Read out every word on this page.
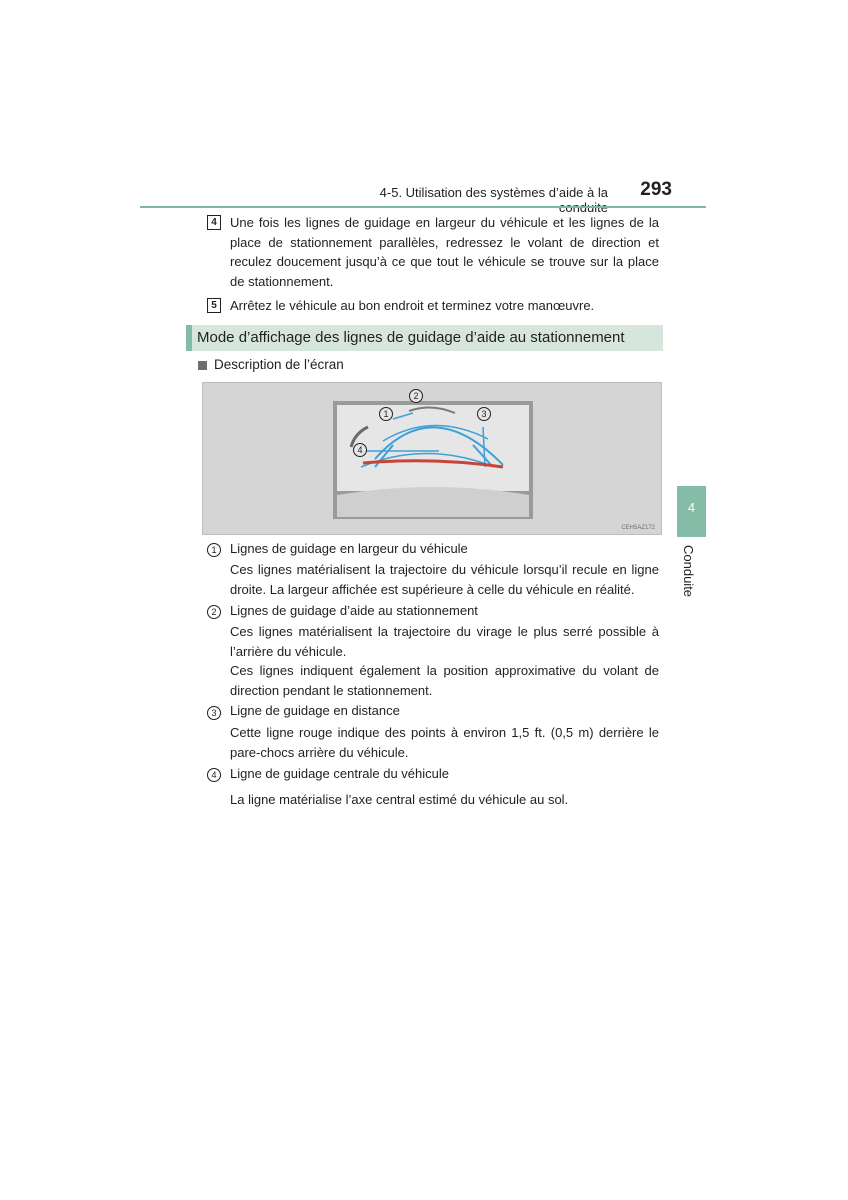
4-5. Utilisation des systèmes d’aide à la	293
4	Une fois les lignes de guidage en largeur du véhicule et les lignes de la place de stationnement parallèles, redressez le volant de direction et reculez doucement jusqu’à ce que tout le véhicule se trouve sur la place de stationnement.
5	Arrêtez le véhicule au bon endroit et terminez votre manœuvre.
Mode d’affichage des lignes de guidage d’aide au stationnement
Description de l’écran
1
2
3
4
CEH5AZ172
1	Lignes de guidage en largeur du véhicule
Ces lignes matérialisent la trajectoire du véhicule lorsqu’il recule en ligne droite. La largeur affichée est supérieure à celle du véhicule en réalité.
2	Lignes de guidage d’aide au stationnement
Ces lignes matérialisent la trajectoire du virage le plus serré possible à l’arrière du véhicule.
Ces lignes indiquent également la position approximative du volant de direction pendant le stationnement.
3	Ligne de guidage en distance
Cette ligne rouge indique des points à environ 1,5 ft. (0,5 m) derrière le pare-chocs arrière du véhicule.
4	Ligne de guidage centrale du véhicule
La ligne matérialise l’axe central estimé du véhicule au sol.
4
Conduite
